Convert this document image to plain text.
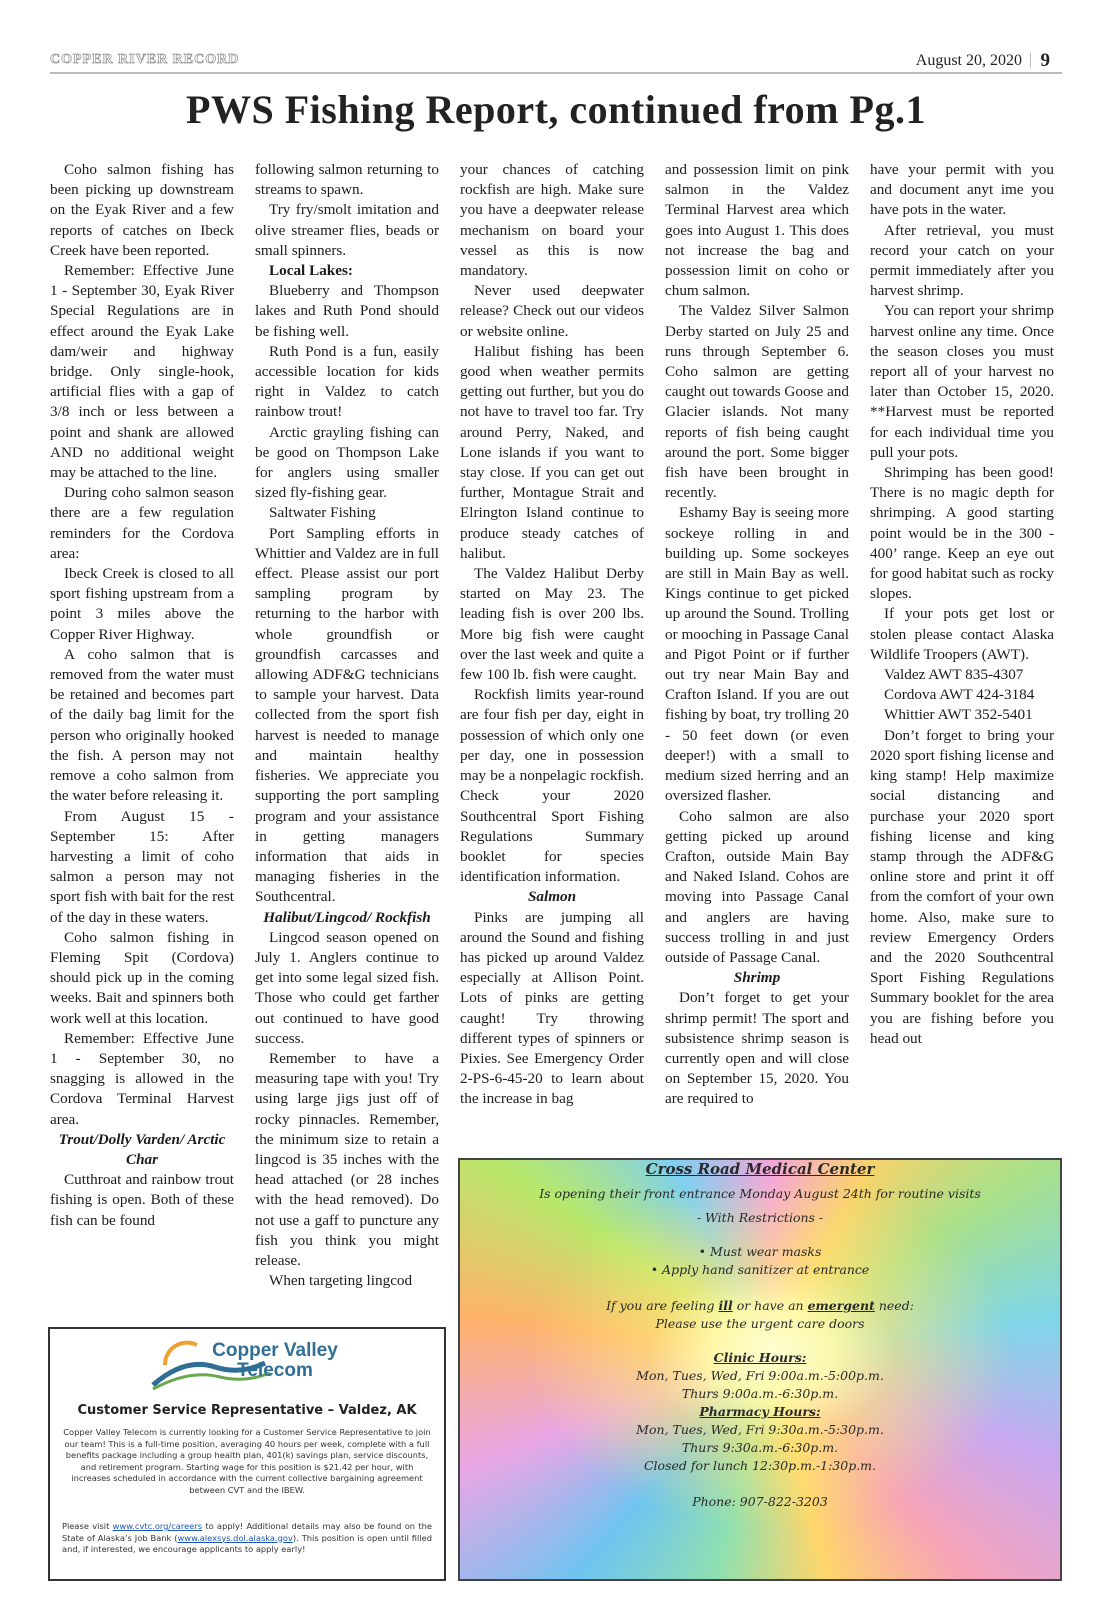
COPPER RIVER RECORD	August 20, 2020 | 9
PWS Fishing Report, continued from Pg.1

Coho salmon fishing has been picking up downstream on the Eyak River and a few reports of catches on Ibeck Creek have been reported.

Remember: Effective June 1 - September 30, Eyak River Special Regulations are in effect around the Eyak Lake dam/weir and highway bridge. Only single-hook, artificial flies with a gap of 3/8 inch or less between a point and shank are allowed AND no additional weight may be attached to the line.

During coho salmon season there are a few regulation reminders for the Cordova area:

Ibeck Creek is closed to all sport fishing upstream from a point 3 miles above the Copper River Highway.

A coho salmon that is removed from the water must be retained and becomes part of the daily bag limit for the person who originally hooked the fish. A person may not remove a coho salmon from the water before releasing it.

From August 15 - September 15: After harvesting a limit of coho salmon a person may not sport fish with bait for the rest of the day in these waters.

Coho salmon fishing in Fleming Spit (Cordova) should pick up in the coming weeks. Bait and spinners both work well at this location.

Remember: Effective June 1 - September 30, no snagging is allowed in the Cordova Terminal Harvest area.

Trout/Dolly Varden/ Arctic Char

Cutthroat and rainbow trout fishing is open. Both of these fish can be found

following salmon returning to streams to spawn.

Try fry/smolt imitation and olive streamer flies, beads or small spinners.

Local Lakes:

Blueberry and Thompson lakes and Ruth Pond should be fishing well.

Ruth Pond is a fun, easily accessible location for kids right in Valdez to catch rainbow trout!

Arctic grayling fishing can be good on Thompson Lake for anglers using smaller sized fly-fishing gear.

Saltwater Fishing

Port Sampling efforts in Whittier and Valdez are in full effect. Please assist our port sampling program by returning to the harbor with whole groundfish or groundfish carcasses and allowing ADF&G technicians to sample your harvest. Data collected from the sport fish harvest is needed to manage and maintain healthy fisheries. We appreciate you supporting the port sampling program and your assistance in getting managers information that aids in managing fisheries in the Southcentral.

Halibut/Lingcod/ Rockfish

Lingcod season opened on July 1. Anglers continue to get into some legal sized fish. Those who could get farther out continued to have good success.

Remember to have a measuring tape with you! Try using large jigs just off of rocky pinnacles. Remember, the minimum size to retain a lingcod is 35 inches with the head attached (or 28 inches with the head removed). Do not use a gaff to puncture any fish you think you might release.

When targeting lingcod

your chances of catching rockfish are high. Make sure you have a deepwater release mechanism on board your vessel as this is now mandatory.

Never used deepwater release? Check out our videos or website online.

Halibut fishing has been good when weather permits getting out further, but you do not have to travel too far. Try around Perry, Naked, and Lone islands if you want to stay close. If you can get out further, Montague Strait and Elrington Island continue to produce steady catches of halibut.

The Valdez Halibut Derby started on May 23. The leading fish is over 200 lbs. More big fish were caught over the last week and quite a few 100 lb. fish were caught.

Rockfish limits year-round are four fish per day, eight in possession of which only one per day, one in possession may be a nonpelagic rockfish. Check your 2020 Southcentral Sport Fishing Regulations Summary booklet for species identification information.

Salmon

Pinks are jumping all around the Sound and fishing has picked up around Valdez especially at Allison Point. Lots of pinks are getting caught! Try throwing different types of spinners or Pixies. See Emergency Order 2-PS-6-45-20 to learn about the increase in bag

and possession limit on pink salmon in the Valdez Terminal Harvest area which goes into August 1. This does not increase the bag and possession limit on coho or chum salmon.

The Valdez Silver Salmon Derby started on July 25 and runs through September 6. Coho salmon are getting caught out towards Goose and Glacier islands. Not many reports of fish being caught around the port. Some bigger fish have been brought in recently.

Eshamy Bay is seeing more sockeye rolling in and building up. Some sockeyes are still in Main Bay as well. Kings continue to get picked up around the Sound. Trolling or mooching in Passage Canal and Pigot Point or if further out try near Main Bay and Crafton Island. If you are out fishing by boat, try trolling 20 - 50 feet down (or even deeper!) with a small to medium sized herring and an oversized flasher.

Coho salmon are also getting picked up around Crafton, outside Main Bay and Naked Island. Cohos are moving into Passage Canal and anglers are having success trolling in and just outside of Passage Canal.

Shrimp

Don’t forget to get your shrimp permit! The sport and subsistence shrimp season is currently open and will close on September 15, 2020. You are required to

have your permit with you and document anyt ime you have pots in the water.

After retrieval, you must record your catch on your permit immediately after you harvest shrimp.

You can report your shrimp harvest online any time. Once the season closes you must report all of your harvest no later than October 15, 2020. **Harvest must be reported for each individual time you pull your pots.

Shrimping has been good! There is no magic depth for shrimping. A good starting point would be in the 300 - 400’ range. Keep an eye out for good habitat such as rocky slopes.

If your pots get lost or stolen please contact Alaska Wildlife Troopers (AWT).

Valdez AWT 835-4307

Cordova AWT 424-3184

Whittier AWT 352-5401

Don’t forget to bring your 2020 sport fishing license and king stamp! Help maximize social distancing and purchase your 2020 sport fishing license and king stamp through the ADF&G online store and print it off from the comfort of your own home. Also, make sure to review Emergency Orders and the 2020 Southcentral Sport Fishing Regulations Summary booklet for the area you are fishing before you head out

Copper Valley
Telecom
Customer Service Representative – Valdez, AK
Copper Valley Telecom is currently looking for a Customer Service Representative to join our team! This is a full-time position, averaging 40 hours per week, complete with a full benefits package including a group health plan, 401(k) savings plan, service discounts, and retirement program. Starting wage for this position is $21.42 per hour, with increases scheduled in accordance with the current collective bargaining agreement between CVT and the IBEW.
Please visit www.cvtc.org/careers to apply! Additional details may also be found on the State of Alaska’s Job Bank (www.alexsys.dol.alaska.gov). This position is open until filled and, if interested, we encourage applicants to apply early!
Cross Road Medical Center
Is opening their front entrance Monday August 24th for routine visits
- With Restrictions -
• Must wear masks
• Apply hand sanitizer at entrance
If you are feeling ill or have an emergent need:
Please use the urgent care doors
Clinic Hours:
Mon, Tues, Wed, Fri 9:00a.m.-5:00p.m.
Thurs 9:00a.m.-6:30p.m.
Pharmacy Hours:
Mon, Tues, Wed, Fri 9:30a.m.-5:30p.m.
Thurs 9:30a.m.-6:30p.m.
Closed for lunch 12:30p.m.-1:30p.m.
Phone: 907-822-3203
